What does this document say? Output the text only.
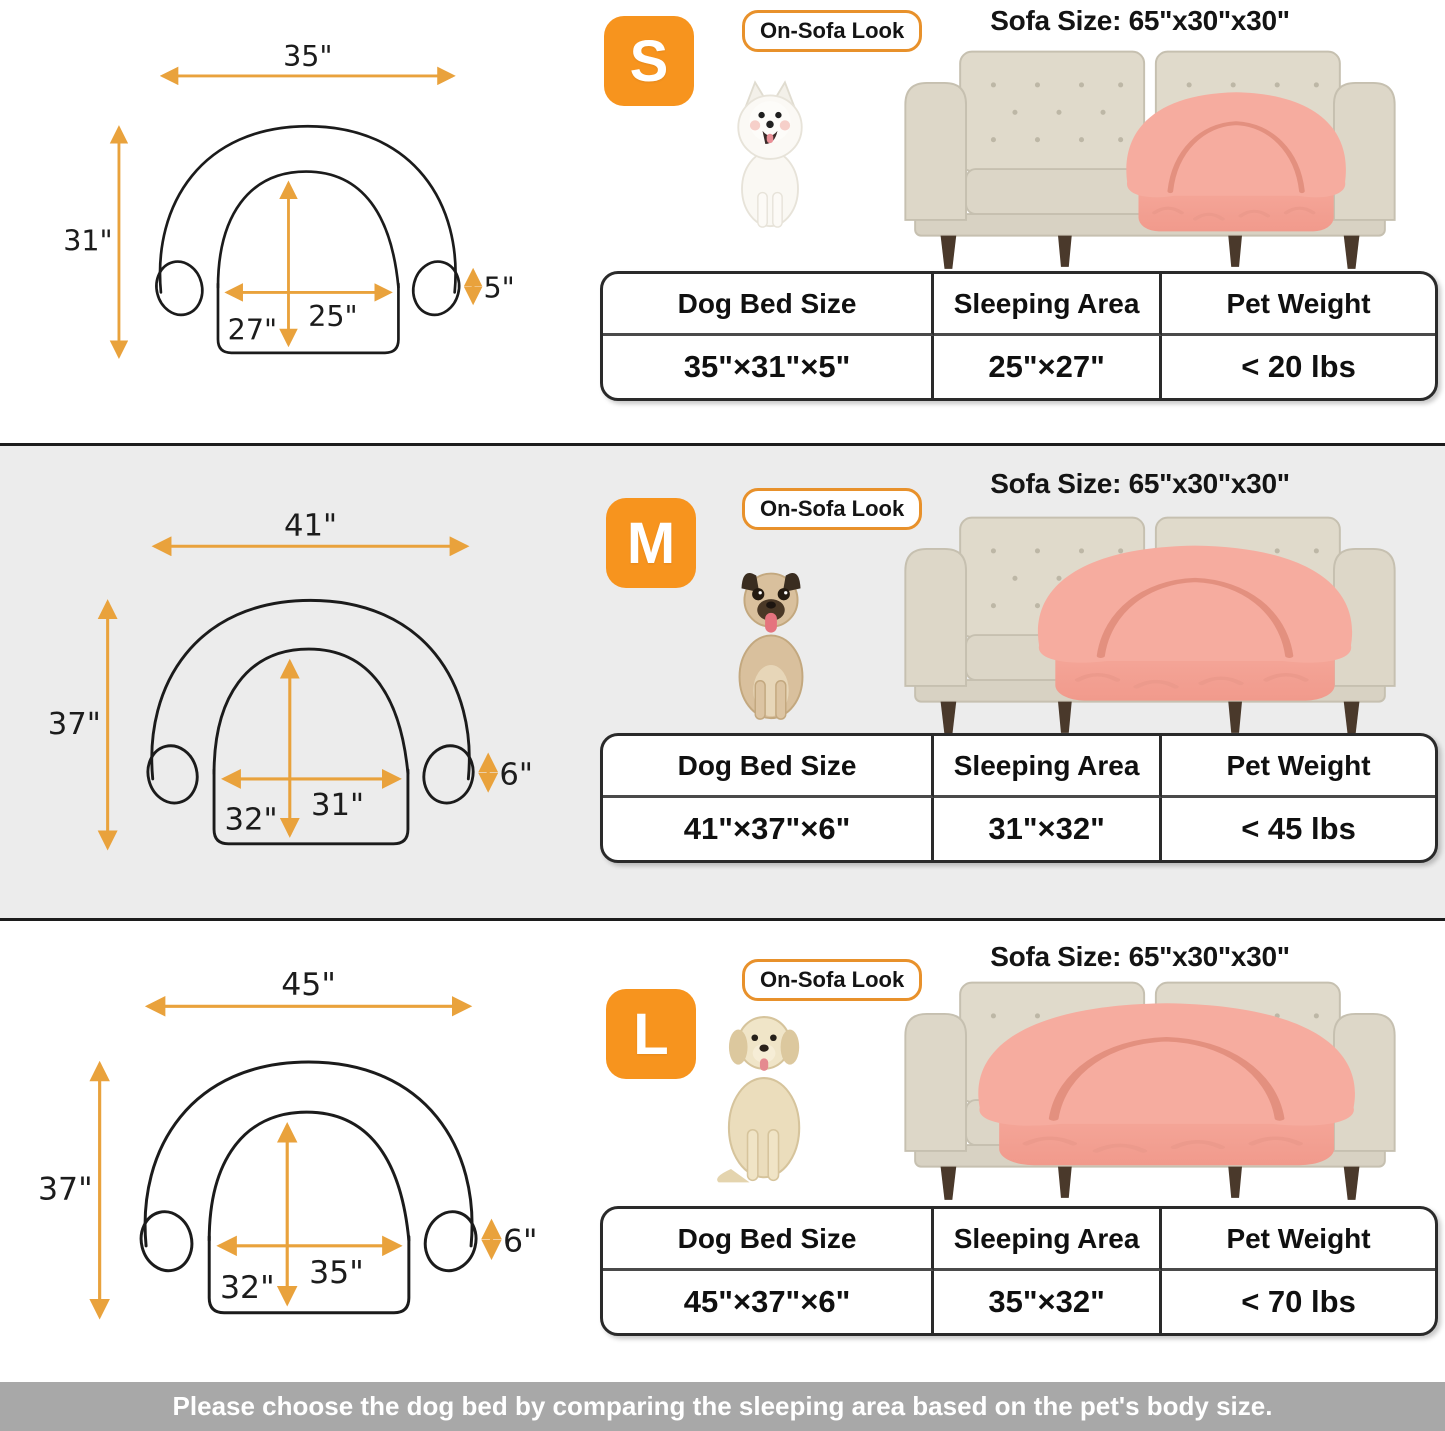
35"
31"
25"
27"
5"
S	On-Sofa Look	Sofa Size: 65"x30"x30"
Dog Bed Size	Sleeping Area	Pet Weight
35"×31"×5"	25"×27"	< 20 lbs
41"
37"
31"
32"
6"
M
On-Sofa Look
Sofa Size: 65"x30"x30"
Dog Bed Size	Sleeping Area	Pet Weight
41"×37"×6"	31"×32"	< 45 lbs
45"
37"
35"
32"
6"
L
On-Sofa Look
Sofa Size: 65"x30"x30"
Dog Bed Size	Sleeping Area	Pet Weight
45"×37"×6"	35"×32"	< 70 lbs
Please choose the dog bed by comparing the sleeping area based on the pet's body size.
